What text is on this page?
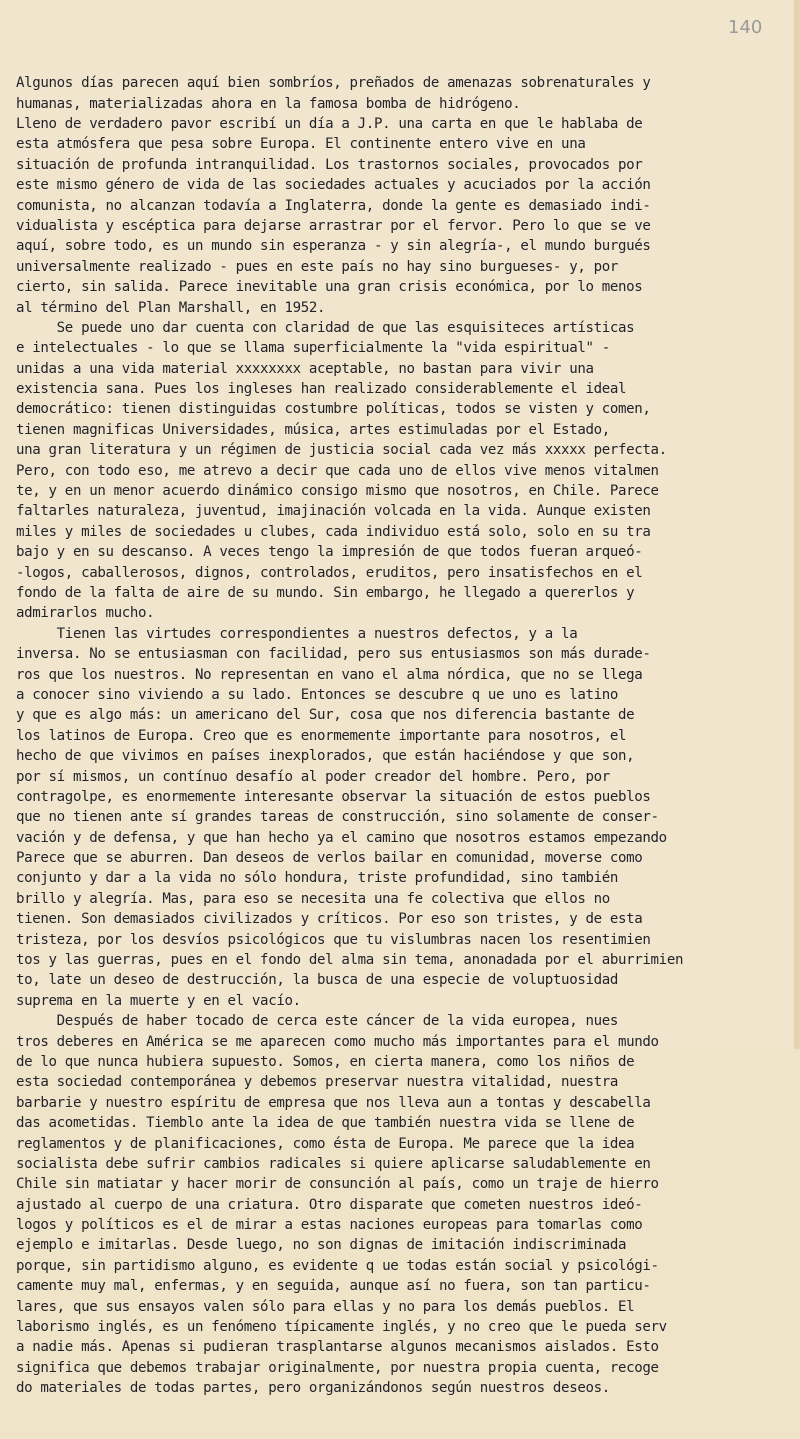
140

Algunos días parecen aquí bien sombríos, preñados de amenazas sobrenaturales y
humanas, materializadas ahora en la famosa bomba de hidrógeno.
Lleno de verdadero pavor escribí un día a J.P. una carta en que le hablaba de
esta atmósfera que pesa sobre Europa. El continente entero vive en una
situación de profunda intranquilidad. Los trastornos sociales, provocados por
este mismo género de vida de las sociedades actuales y acuciados por la acción
comunista, no alcanzan todavía a Inglaterra, donde la gente es demasiado indi-
vidualista y escéptica para dejarse arrastrar por el fervor. Pero lo que se ve
aquí, sobre todo, es un mundo sin esperanza - y sin alegría-, el mundo burgués
universalmente realizado - pues en este país no hay sino burgueses- y, por
cierto, sin salida. Parece inevitable una gran crisis económica, por lo menos
al término del Plan Marshall, en 1952.
Se puede uno dar cuenta con claridad de que las esquisiteces artísticas
e intelectuales - lo que se llama superficialmente la "vida espiritual" -
unidas a una vida material xxxxxxxx aceptable, no bastan para vivir una
existencia sana. Pues los ingleses han realizado considerablemente el ideal
democrático: tienen distinguidas costumbre políticas, todos se visten y comen,
tienen magnificas Universidades, música, artes estimuladas por el Estado,
una gran literatura y un régimen de justicia social cada vez más xxxxx perfecta.
Pero, con todo eso, me atrevo a decir que cada uno de ellos vive menos vitalmen
te, y en un menor acuerdo dinámico consigo mismo que nosotros, en Chile. Parece
faltarles naturaleza, juventud, imajinación volcada en la vida. Aunque existen
miles y miles de sociedades u clubes, cada individuo está solo, solo en su tra
bajo y en su descanso. A veces tengo la impresión de que todos fueran arqueó-
-logos, caballerosos, dignos, controlados, eruditos, pero insatisfechos en el
fondo de la falta de aire de su mundo. Sin embargo, he llegado a quererlos y
admirarlos mucho.
Tienen las virtudes correspondientes a nuestros defectos, y a la
inversa. No se entusiasman con facilidad, pero sus entusiasmos son más durade-
ros que los nuestros. No representan en vano el alma nórdica, que no se llega
a conocer sino viviendo a su lado. Entonces se descubre q ue uno es latino
y que es algo más: un americano del Sur, cosa que nos diferencia bastante de
los latinos de Europa. Creo que es enormemente importante para nosotros, el
hecho de que vivimos en países inexplorados, que están haciéndose y que son,
por sí mismos, un contínuo desafío al poder creador del hombre. Pero, por
contragolpe, es enormemente interesante observar la situación de estos pueblos
que no tienen ante sí grandes tareas de construcción, sino solamente de conser-
vación y de defensa, y que han hecho ya el camino que nosotros estamos empezando
Parece que se aburren. Dan deseos de verlos bailar en comunidad, moverse como
conjunto y dar a la vida no sólo hondura, triste profundidad, sino también
brillo y alegría. Mas, para eso se necesita una fe colectiva que ellos no
tienen. Son demasiados civilizados y críticos. Por eso son tristes, y de esta
tristeza, por los desvíos psicológicos que tu vislumbras nacen los resentimien
tos y las guerras, pues en el fondo del alma sin tema, anonadada por el aburrimien
to, late un deseo de destrucción, la busca de una especie de voluptuosidad
suprema en la muerte y en el vacío.
Después de haber tocado de cerca este cáncer de la vida europea, nues
tros deberes en América se me aparecen como mucho más importantes para el mundo
de lo que nunca hubiera supuesto. Somos, en cierta manera, como los niños de
esta sociedad contemporánea y debemos preservar nuestra vitalidad, nuestra
barbarie y nuestro espíritu de empresa que nos lleva aun a tontas y descabella
das acometidas. Tiemblo ante la idea de que también nuestra vida se llene de
reglamentos y de planificaciones, como ésta de Europa. Me parece que la idea
socialista debe sufrir cambios radicales si quiere aplicarse saludablemente en
Chile sin matiatar y hacer morir de consunción al país, como un traje de hierro
ajustado al cuerpo de una criatura. Otro disparate que cometen nuestros ideó-
logos y políticos es el de mirar a estas naciones europeas para tomarlas como
ejemplo e imitarlas. Desde luego, no son dignas de imitación indiscriminada
porque, sin partidismo alguno, es evidente q ue todas están social y psicológi-
camente muy mal, enfermas, y en seguida, aunque así no fuera, son tan particu-
lares, que sus ensayos valen sólo para ellas y no para los demás pueblos. El
laborismo inglés, es un fenómeno típicamente inglés, y no creo que le pueda serv
a nadie más. Apenas si pudieran trasplantarse algunos mecanismos aislados. Esto
significa que debemos trabajar originalmente, por nuestra propia cuenta, recoge
do materiales de todas partes, pero organizándonos según nuestros deseos.
